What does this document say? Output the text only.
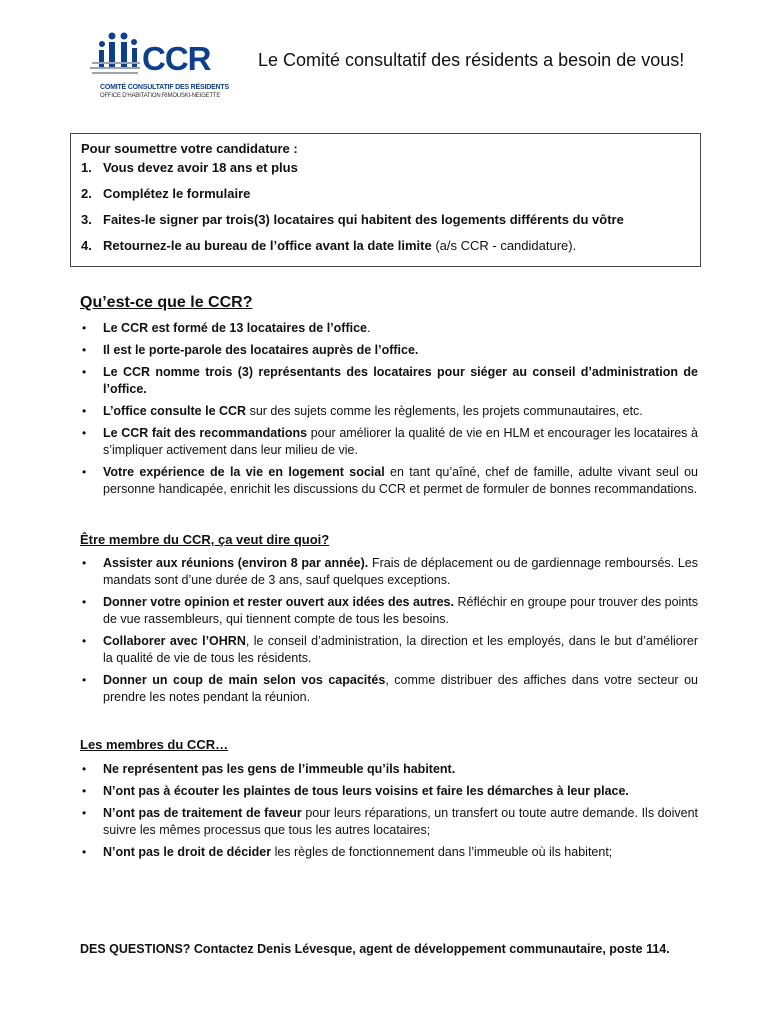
CCR
COMITÉ CONSULTATIF DES RÉSIDENTS
OFFICE D'HABITATION RIMOUSKI-NEIGETTE
Le Comité consultatif des résidents a besoin de vous!
Pour soumettre votre candidature :
1. Vous devez avoir 18 ans et plus
2. Complétez le formulaire
3. Faites-le signer par trois(3) locataires qui habitent des logements différents du vôtre
4. Retournez-le au bureau de l’office avant la date limite (a/s CCR - candidature).
Qu’est-ce que le CCR?
• Le CCR est formé de 13 locataires de l’office.
• Il est le porte-parole des locataires auprès de l’office.
• Le CCR nomme trois (3) représentants des locataires pour siéger au conseil d’administration de l’office.
• L’office consulte le CCR sur des sujets comme les règlements, les projets communautaires, etc.
• Le CCR fait des recommandations pour améliorer la qualité de vie en HLM et encourager les locataires à s’impliquer activement dans leur milieu de vie.
• Votre expérience de la vie en logement social en tant qu’aîné, chef de famille, adulte vivant seul ou personne handicapée, enrichit les discussions du CCR et permet de formuler de bonnes recommandations.
Être membre du CCR, ça veut dire quoi?
• Assister aux réunions (environ 8 par année). Frais de déplacement ou de gardiennage remboursés. Les mandats sont d’une durée de 3 ans, sauf quelques exceptions.
• Donner votre opinion et rester ouvert aux idées des autres. Réfléchir en groupe pour trouver des points de vue rassembleurs, qui tiennent compte de tous les besoins.
• Collaborer avec l’OHRN, le conseil d’administration, la direction et les employés, dans le but d’améliorer la qualité de vie de tous les résidents.
• Donner un coup de main selon vos capacités, comme distribuer des affiches dans votre secteur ou prendre les notes pendant la réunion.
Les membres du CCR…
• Ne représentent pas les gens de l’immeuble qu’ils habitent.
• N’ont pas à écouter les plaintes de tous leurs voisins et faire les démarches à leur place.
• N’ont pas de traitement de faveur pour leurs réparations, un transfert ou toute autre demande. Ils doivent suivre les mêmes processus que tous les autres locataires;
• N’ont pas le droit de décider les règles de fonctionnement dans l’immeuble où ils habitent;
DES QUESTIONS? Contactez Denis Lévesque, agent de développement communautaire, poste 114.
